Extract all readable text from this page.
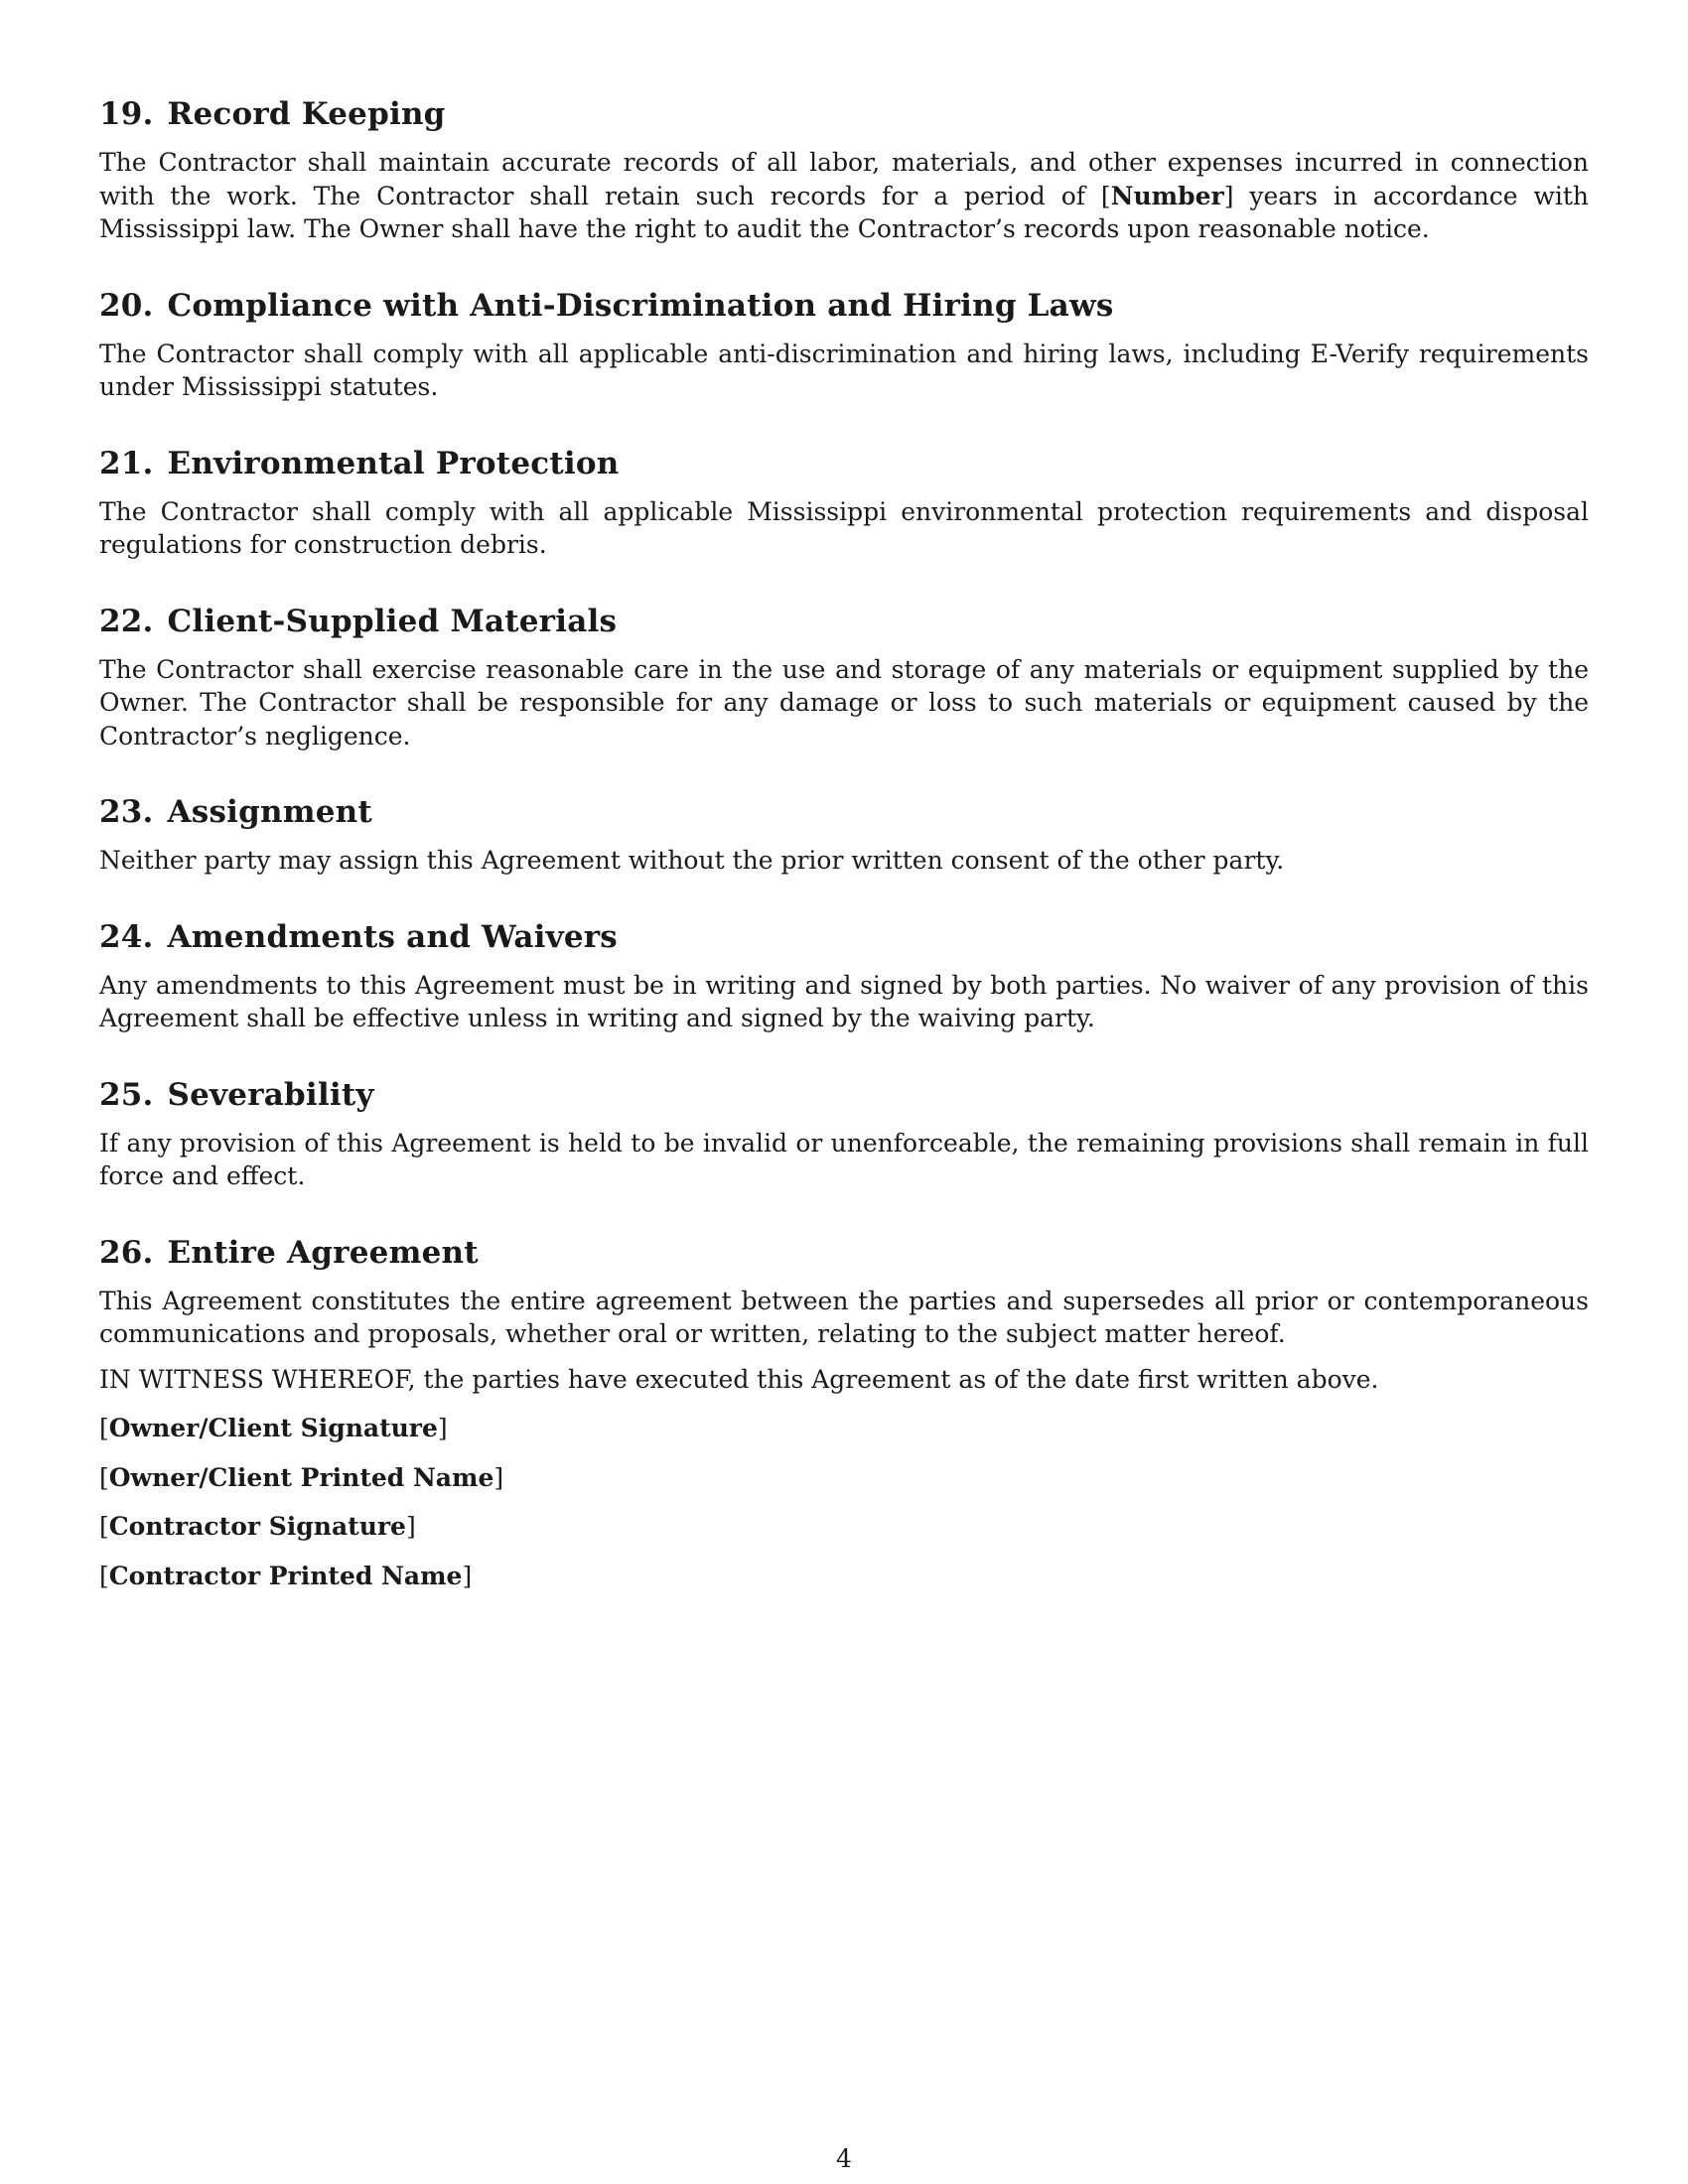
19. Record Keeping

The Contractor shall maintain accurate records of all labor, materials, and other expenses incurred in connection with the work. The Contractor shall retain such records for a period of [Number] years in accordance with Mississippi law. The Owner shall have the right to audit the Contractor’s records upon reasonable notice.

20. Compliance with Anti-Discrimination and Hiring Laws

The Contractor shall comply with all applicable anti-discrimination and hiring laws, including E-Verify requirements under Mississippi statutes.

21. Environmental Protection

The Contractor shall comply with all applicable Mississippi environmental protection requirements and disposal regulations for construction debris.

22. Client-Supplied Materials

The Contractor shall exercise reasonable care in the use and storage of any materials or equipment supplied by the Owner. The Contractor shall be responsible for any damage or loss to such materials or equipment caused by the Contractor’s negligence.

23. Assignment

Neither party may assign this Agreement without the prior written consent of the other party.

24. Amendments and Waivers

Any amendments to this Agreement must be in writing and signed by both parties. No waiver of any provision of this Agreement shall be effective unless in writing and signed by the waiving party.

25. Severability

If any provision of this Agreement is held to be invalid or unenforceable, the remaining provisions shall remain in full force and effect.

26. Entire Agreement

This Agreement constitutes the entire agreement between the parties and supersedes all prior or contemporaneous communications and proposals, whether oral or written, relating to the subject matter hereof.

IN WITNESS WHEREOF, the parties have executed this Agreement as of the date first written above.

[Owner/Client Signature]
[Owner/Client Printed Name]
[Contractor Signature]
[Contractor Printed Name]
4
